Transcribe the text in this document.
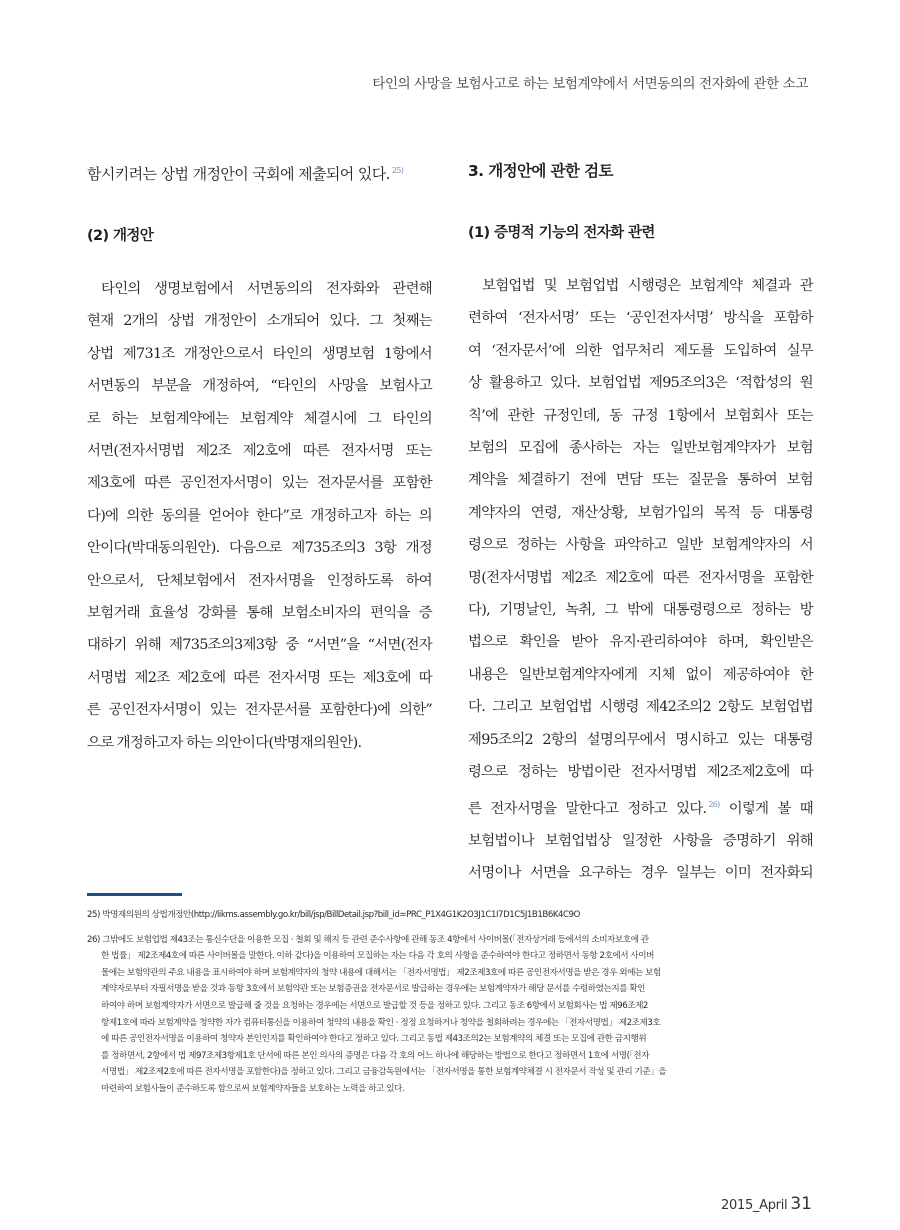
타인의 사망을 보험사고로 하는 보험계약에서 서면동의의 전자화에 관한 소고

함시키려는 상법 개정안이 국회에 제출되어 있다. $^{25)}$

(2) 개정안

타인의 생명보험에서 서면동의의 전자화와 관련해
현재 2개의 상법 개정안이 소개되어 있다. 그 첫째는
상법 제731조 개정안으로서 타인의 생명보험 1항에서
서면동의 부분을 개정하여, “타인의 사망을 보험사고
로 하는 보험계약에는 보험계약 체결시에 그 타인의
서면(전자서명법 제2조 제2호에 따른 전자서명 또는
제3호에 따른 공인전자서명이 있는 전자문서를 포함한
다)에 의한 동의를 얻어야 한다”로 개정하고자 하는 의
안이다(박대동의원안). 다음으로 제735조의3 3항 개정
안으로서, 단체보험에서 전자서명을 인정하도록 하여
보험거래 효율성 강화를 통해 보험소비자의 편익을 증
대하기 위해 제735조의3제3항 중 “서면”을 “서면(전자
서명법 제2조 제2호에 따른 전자서명 또는 제3호에 따
른 공인전자서명이 있는 전자문서를 포함한다)에 의한”
으로 개정하고자 하는 의안이다(박명재의원안).

3. 개정안에 관한 검토
(1) 증명적 기능의 전자화 관련

보험업법 및 보험업법 시행령은 보험계약 체결과 관
련하여 ‘전자서명’ 또는 ‘공인전자서명’ 방식을 포함하
여 ‘전자문서’에 의한 업무처리 제도를 도입하여 실무
상 활용하고 있다. 보험업법 제95조의3은 ‘적합성의 원
칙’에 관한 규정인데, 동 규정 1항에서 보험회사 또는
보험의 모집에 종사하는 자는 일반보험계약자가 보험
계약을 체결하기 전에 면담 또는 질문을 통하여 보험
계약자의 연령, 재산상황, 보험가입의 목적 등 대통령
령으로 정하는 사항을 파악하고 일반 보험계약자의 서
명(전자서명법 제2조 제2호에 따른 전자서명을 포함한
다), 기명날인, 녹취, 그 밖에 대통령령으로 정하는 방
법으로 확인을 받아 유지·관리하여야 하며, 확인받은
내용은 일반보험계약자에게 지체 없이 제공하여야 한
다. 그리고 보험업법 시행령 제42조의2 2항도 보험업법
제95조의2 2항의 설명의무에서 명시하고 있는 대통령
령으로 정하는 방법이란 전자서명법 제2조제2호에 따
른 전자서명을 말한다고 정하고 있다. $^{26)}$ 이렇게 볼 때
보험법이나 보험업법상 일정한 사항을 증명하기 위해
서명이나 서면을 요구하는 경우 일부는 이미 전자화되

25) 박명재의원의 상법개정안(http://likms.assembly.go.kr/bill/jsp/BillDetail.jsp?bill_id=PRC_P1X4G1K2O3J1C1I7D1C5J1B1B6K4C9O

26) 그밖에도 보험업법 제43조는 통신수단을 이용한 모집 · 철회 및 해지 등 관련 준수사항에 관해 동조 4항에서 사이버몰(「전자상거래 등에서의 소비자보호에 관
한 법률」 제2조제4호에 따른 사이버몰을 말한다. 이하 같다)을 이용하여 모집하는 자는 다음 각 호의 사항을 준수하여야 한다고 정하면서 동항 2호에서 사이버
몰에는 보험약관의 주요 내용을 표시하여야 하며 보험계약자의 청약 내용에 대해서는 「전자서명법」 제2조제3호에 따른 공인전자서명을 받은 경우 외에는 보험
계약자로부터 자필서명을 받을 것과 동항 3호에서 보험약관 또는 보험증권을 전자문서로 발급하는 경우에는 보험계약자가 해당 문서를 수령하였는지를 확인
하여야 하며 보험계약자가 서면으로 발급해 줄 것을 요청하는 경우에는 서면으로 발급할 것 등을 정하고 있다. 그리고 동조 6항에서 보험회사는 법 제96조제2
항제1호에 따라 보험계약을 청약한 자가 컴퓨터통신을 이용하여 청약의 내용을 확인 · 정정 요청하거나 청약을 철회하려는 경우에는 「전자서명법」 제2조제3호
에 따른 공인전자서명을 이용하여 청약자 본인인지를 확인하여야 한다고 정하고 있다. 그리고 동법 제43조의2는 보험계약의 체결 또는 모집에 관한 금지행위
를 정하면서, 2항에서 법 제97조제3항제1호 단서에 따른 본인 의사의 증명은 다음 각 호의 어느 하나에 해당하는 방법으로 한다고 정하면서 1호에 서명(「전자
서명법」 제2조제2호에 따른 전자서명을 포함한다)을 정하고 있다. 그리고 금융감독원에서는 「전자서명을 통한 보험계약체결 시 전자문서 작성 및 관리 기준」을
마련하여 보험사들이 준수하도록 함으로써 보험계약자들을 보호하는 노력을 하고 있다.

2015_April 31
